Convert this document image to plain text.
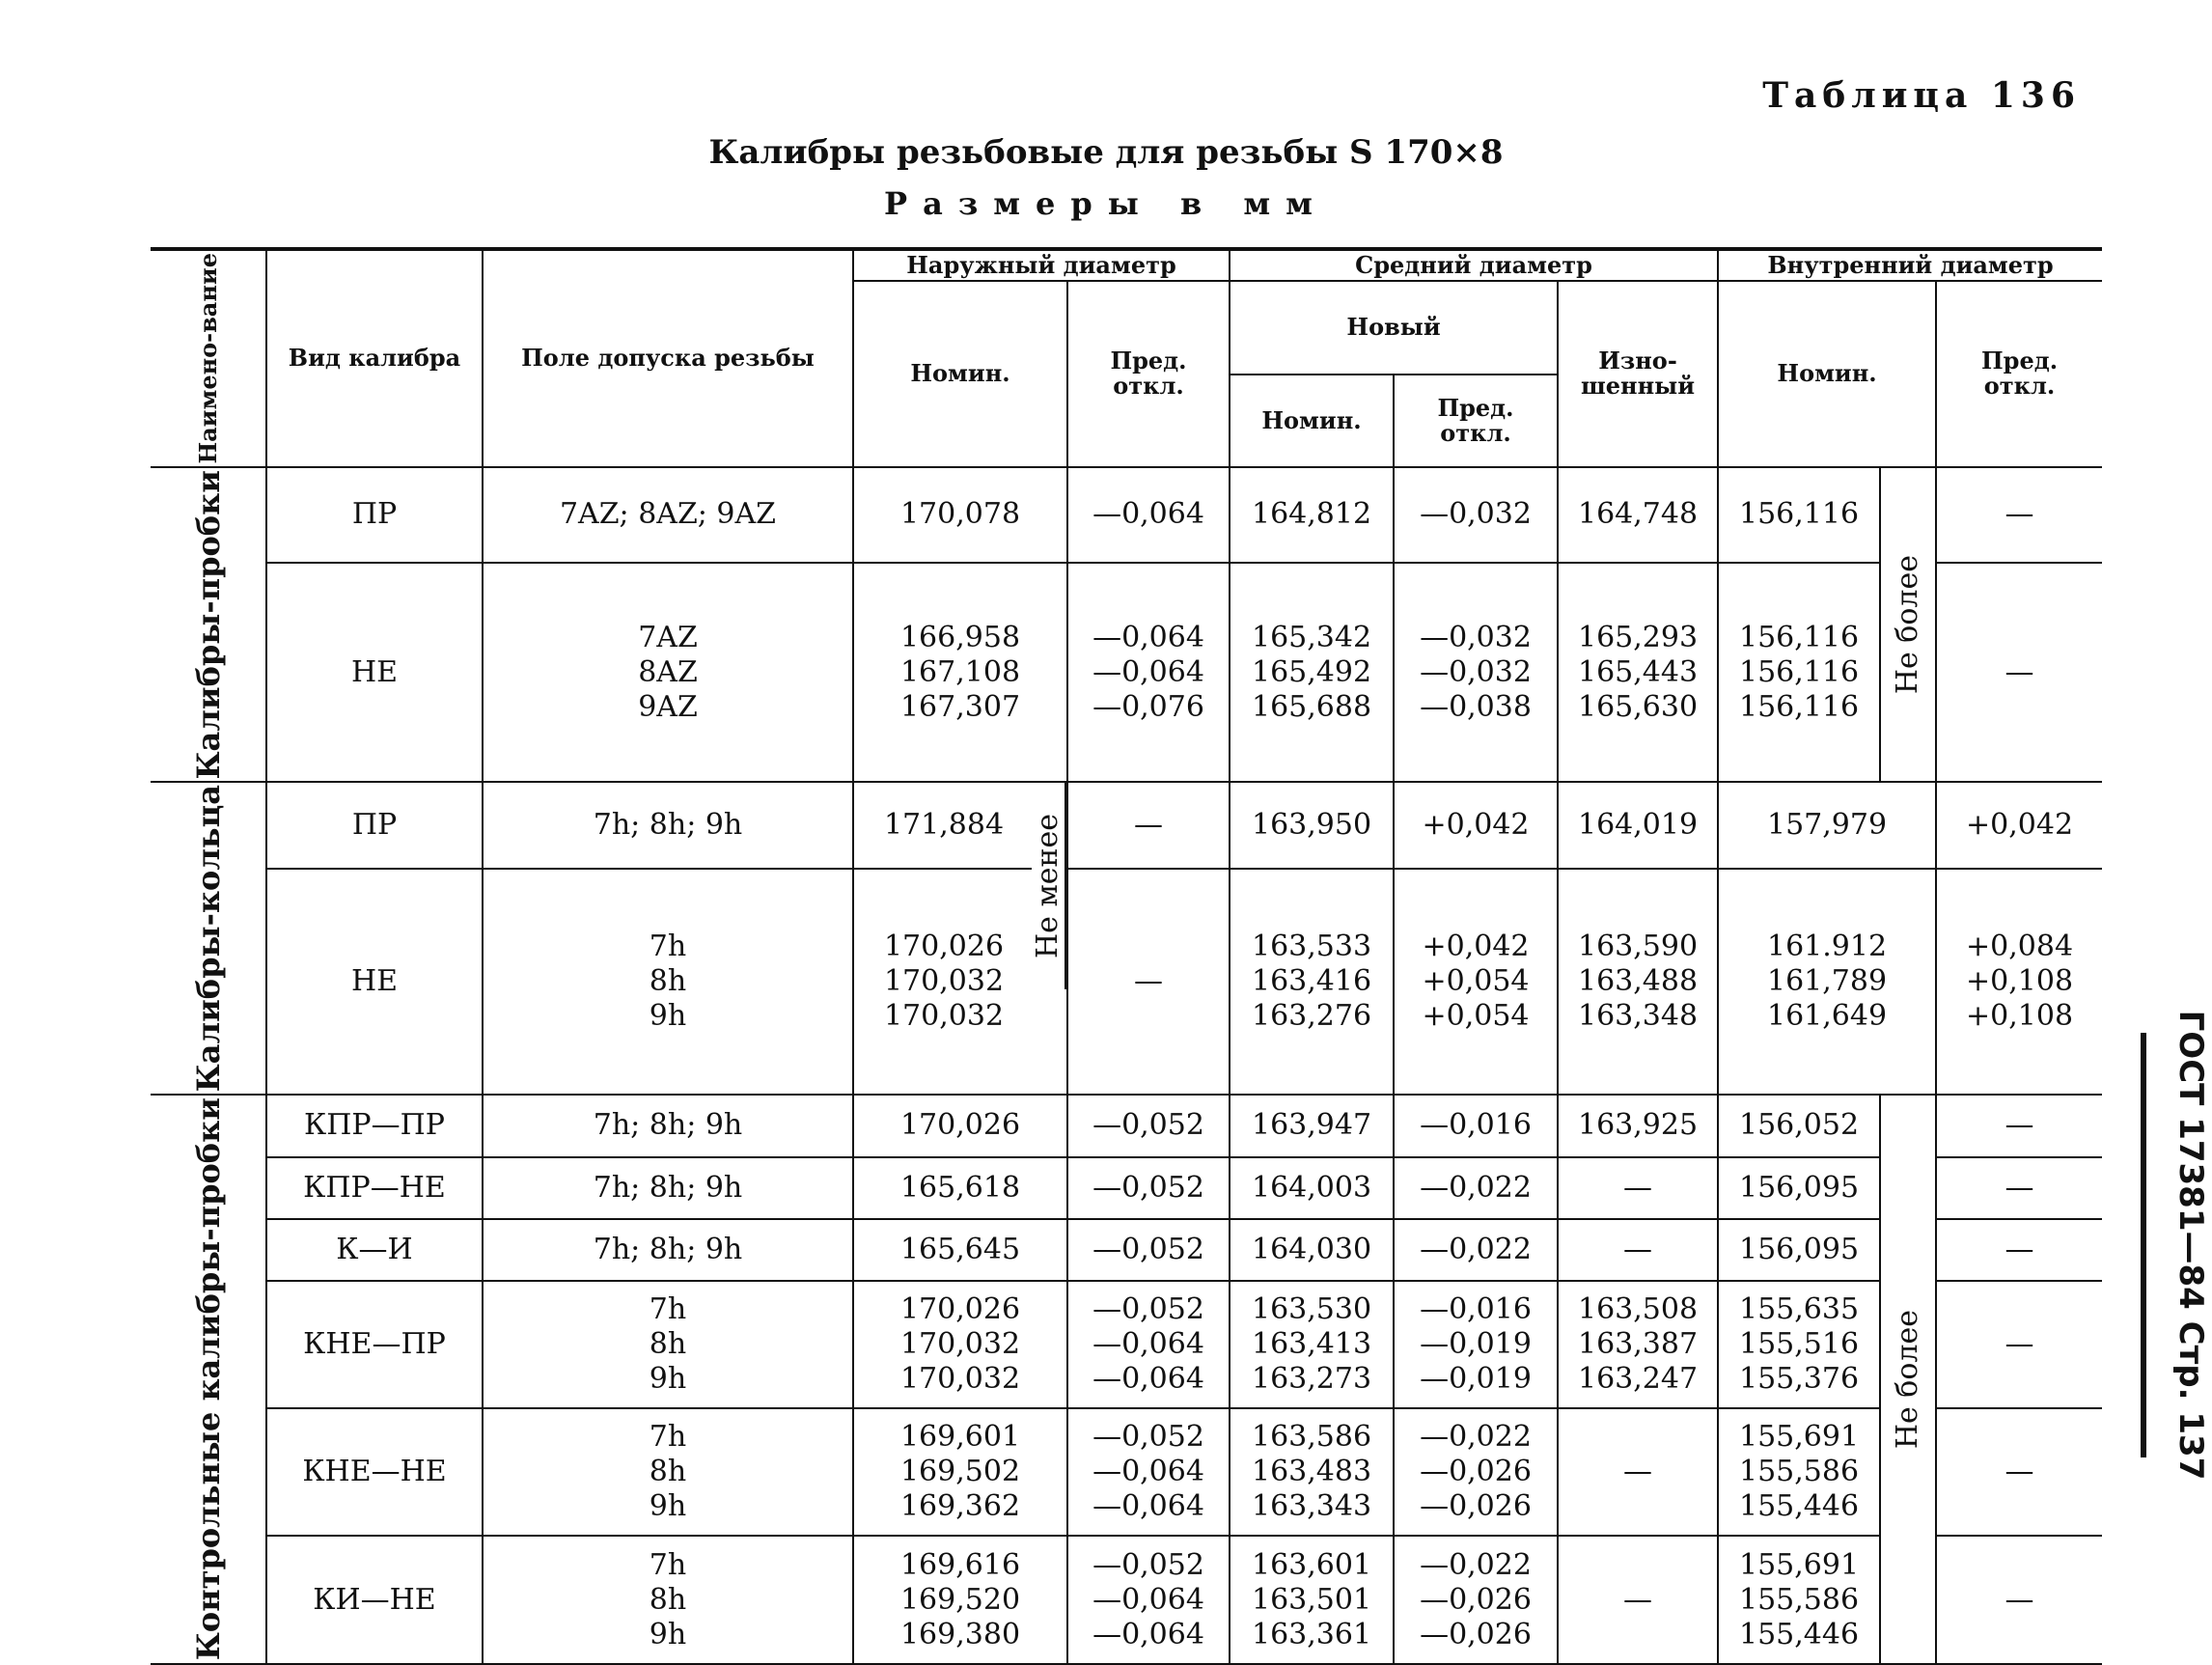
Таблица 136
Калибры резьбовые для резьбы S 170×8
Размеры в мм
Наимено-вание	Вид калибра	Поле допуска резьбы	Наружный диаметр		Средний диаметр			Внутренний диаметр		
			Номин.	Пред. откл.	Новый		Изно-шенный	Номин.		Пред. откл.
					Номин.	Пред. откл.				

Калибры-пробки	ПР	7AZ; 8AZ; 9AZ	170,078	—0,064	164,812	—0,032	164,748	156,116	Не более	—

	НЕ	7AZ
8AZ
9AZ	166,958
167,108
167,307	—0,064
—0,064
—0,076	165,342
165,492
165,688	—0,032
—0,032
—0,038	165,293
165,443
165,630	156,116
156,116
156,116		—

Калибры-кольца	ПР	7h; 8h; 9h	171,884 Не менее	—	163,950	+0,042	164,019	157,979		+0,042

	НЕ	7h
8h
9h	170,026
170,032
170,032	—	163,533
163,416
163,276	+0,042
+0,054
+0,054	163,590
163,488
163,348	161.912
161,789
161,649		+0,084
+0,108
+0,108

Контрольные калибры-пробки	КПР—ПР	7h; 8h; 9h	170,026	—0,052	163,947	—0,016	163,925	156,052	Не более	—

	КПР—НЕ	7h; 8h; 9h	165,618	—0,052	164,003	—0,022	—	156,095		—

	К—И	7h; 8h; 9h	165,645	—0,052	164,030	—0,022	—	156,095		—

	КНЕ—ПР	7h
8h
9h	170,026
170,032
170,032	—0,052
—0,064
—0,064	163,530
163,413
163,273	—0,016
—0,019
—0,019	163,508
163,387
163,247	155,635
155,516
155,376		—

	КНЕ—НЕ	7h
8h
9h	169,601
169,502
169,362	—0,052
—0,064
—0,064	163,586
163,483
163,343	—0,022
—0,026
—0,026	—	155,691
155,586
155,446		—

	КИ—НЕ	7h
8h
9h	169,616
169,520
169,380	—0,052
—0,064
—0,064	163,601
163,501
163,361	—0,022
—0,026
—0,026	—	155,691
155,586
155,446		—
ГОСТ 17381—84 Стр. 137
